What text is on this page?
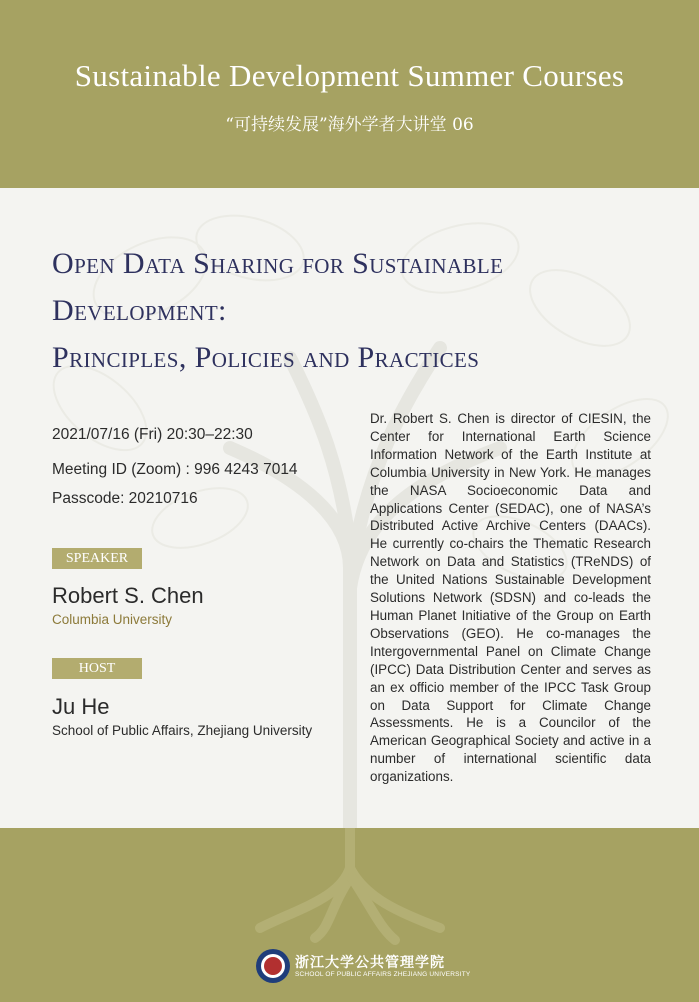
Sustainable Development Summer Courses
“可持续发展”海外学者大讲堂 06
Open Data Sharing for Sustainable
Development:
Principles, Policies and Practices
2021/07/16 (Fri) 20:30–22:30
Meeting ID (Zoom) : 996 4243 7014
Passcode: 20210716
SPEAKER
Robert S. Chen
Columbia University
HOST
Ju He
School of Public Affairs, Zhejiang University
Dr. Robert S. Chen is director of CIESIN, the Center for International Earth Science Information Network of the Earth Institute at Columbia University in New York. He manages the NASA Socioeconomic Data and Applications Center (SEDAC), one of NASA’s Distributed Active Archive Centers (DAACs). He currently co-chairs the Thematic Research Network on Data and Statistics (TReNDS) of the United Nations Sustainable Development Solutions Network (SDSN) and co-leads the Human Planet Initiative of the Group on Earth Observations (GEO). He co-manages the Intergovernmental Panel on Climate Change (IPCC) Data Distribution Center and serves as an ex officio member of the IPCC Task Group on Data Support for Climate Change Assessments. He is a Councilor of the American Geographical Society and active in a number of international scientific data organizations.
浙江大学公共管理学院
SCHOOL OF PUBLIC AFFAIRS ZHEJIANG UNIVERSITY
